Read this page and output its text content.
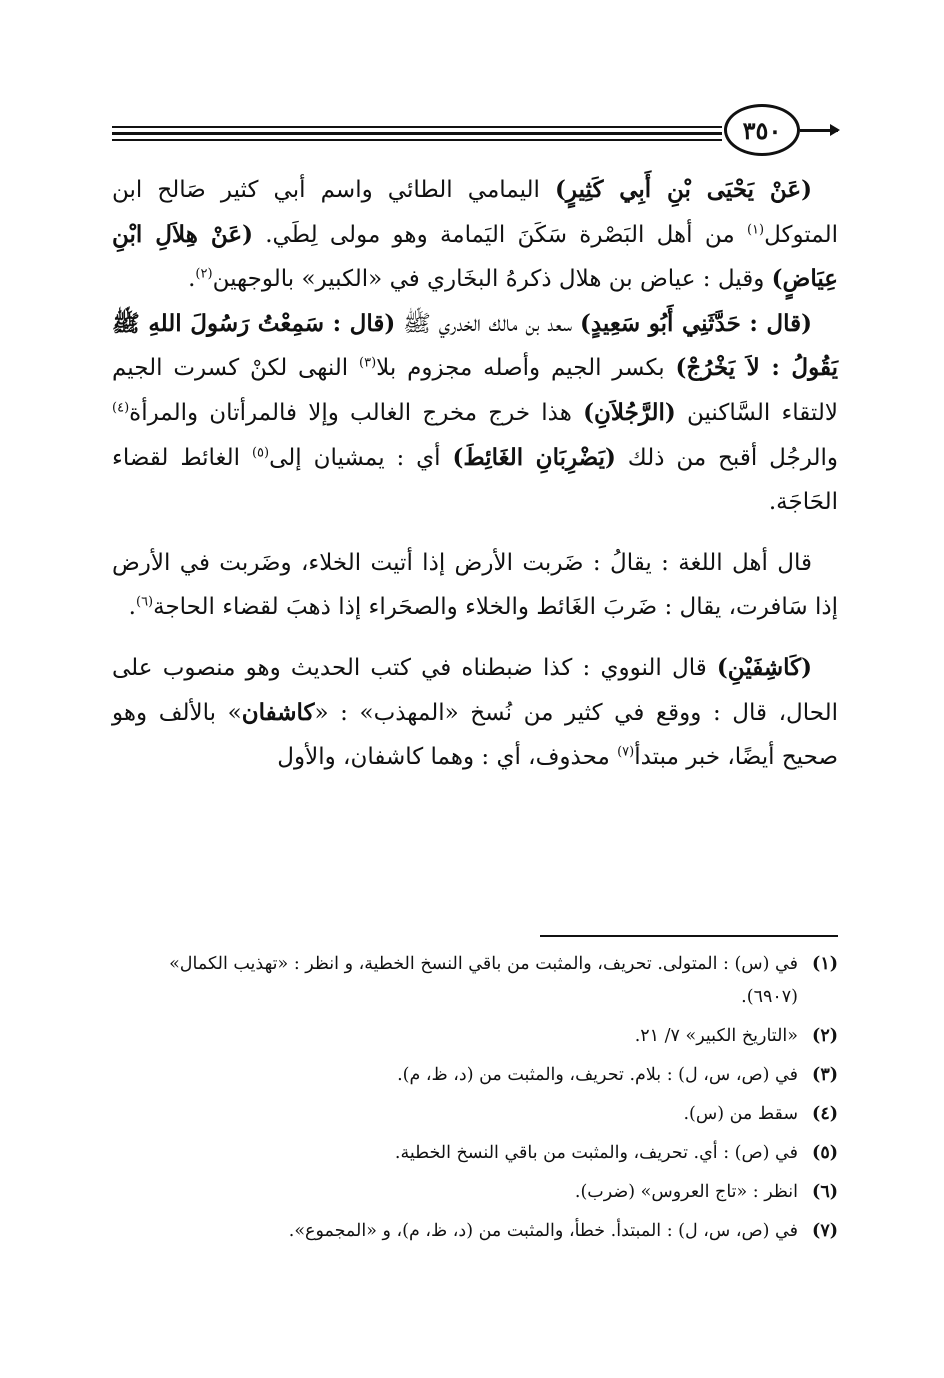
٣٥٠

(عَنْ يَحْيَى بْنِ أَبِي كَثِيرٍ) اليمامي الطائي واسم أبي كثير صَالح ابن المتوكل$^{(١)}$ من أهل البَصْرة سَكَنَ اليَمامة وهو مولى لِطَي. (عَنْ هِلاَلِ ابْنِ عِيَاضٍ) وقيل : عياض بن هلال ذكرهُ البخَاري في «الكبير» بالوجهين$^{(٢)}$.

(قال : حَدَّثَنِي أَبُو سَعِيدٍ) سعد بن مالك الخدري ﷺ (قال : سَمِعْتُ رَسُولَ اللهِ ﷺ يَقُولُ : لاَ يَخْرُجْ) بكسر الجيم وأصله مجزوم بلا$^{(٣)}$ النهى لكنْ كسرت الجيم لالتقاء السَّاكنين (الرَّجُلاَنِ) هذا خرج مخرج الغالب وإلا فالمرأتان والمرأة$^{(٤)}$ والرجُل أقبح من ذلك (يَضْرِبَانِ الغَائِطَ) أي : يمشيان إلى$^{(٥)}$ الغائط لقضاء الحَاجَة.

قال أهل اللغة : يقالُ : ضَربت الأرض إذا أتيت الخلاء، وضَربت في الأرض إذا سَافرت، يقال : ضَربَ الغَائط والخلاء والصحَراء إذا ذهبَ لقضاء الحاجة$^{(٦)}$.

(كَاشِفَيْنِ) قال النووي : كذا ضبطناه في كتب الحديث وهو منصوب على الحال، قال : ووقع في كثير من نُسخ «المهذب» : «كاشفان» بالألف وهو صحيح أيضًا، خبر مبتدأ$^{(٧)}$ محذوف، أي : وهما كاشفان، والأول

(١)
في (س) : المتولى. تحريف، والمثبت من باقي النسخ الخطية، و انظر : «تهذيب الكمال» (٦٩٠٧).
(٢)
«التاريخ الكبير» ٧/ ٢١.
(٣)
في (ص، س، ل) : بلام. تحريف، والمثبت من (د، ظ، م).
(٤)
سقط من (س).
(٥)
في (ص) : أي. تحريف، والمثبت من باقي النسخ الخطية.
(٦)
انظر : «تاج العروس» (ضرب).
(٧)
في (ص، س، ل) : المبتدأ. خطأ، والمثبت من (د، ظ، م)، و «المجموع».
